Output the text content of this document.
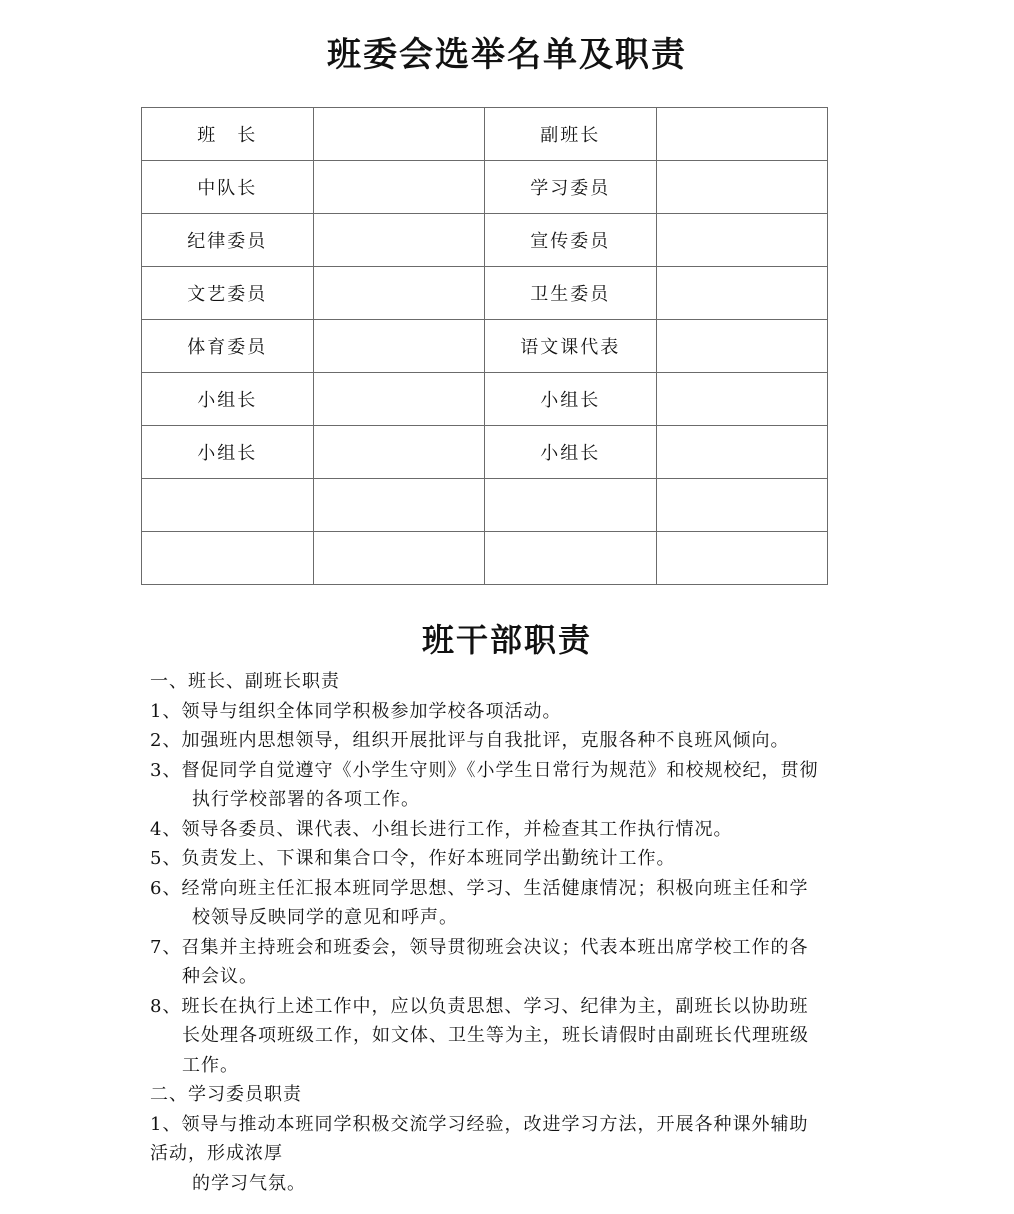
班委会选举名单及职责
班　长		副班长	
中队长		学习委员	
纪律委员		宣传委员	
文艺委员		卫生委员	
体育委员		语文课代表	
小组长		小组长	
小组长		小组长	

班干部职责
一、班长、副班长职责
1、领导与组织全体同学积极参加学校各项活动。
2、加强班内思想领导，组织开展批评与自我批评，克服各种不良班风倾向。
3、督促同学自觉遵守《小学生守则》《小学生日常行为规范》和校规校纪，贯彻
执行学校部署的各项工作。
4、领导各委员、课代表、小组长进行工作，并检查其工作执行情况。
5、负责发上、下课和集合口令，作好本班同学出勤统计工作。
6、经常向班主任汇报本班同学思想、学习、生活健康情况；积极向班主任和学
校领导反映同学的意见和呼声。
7、召集并主持班会和班委会，领导贯彻班会决议；代表本班出席学校工作的各
种会议。
8、班长在执行上述工作中，应以负责思想、学习、纪律为主，副班长以协助班
长处理各项班级工作，如文体、卫生等为主，班长请假时由副班长代理班级
工作。
二、学习委员职责
1、领导与推动本班同学积极交流学习经验，改进学习方法，开展各种课外辅助
活动，形成浓厚
的学习气氛。
